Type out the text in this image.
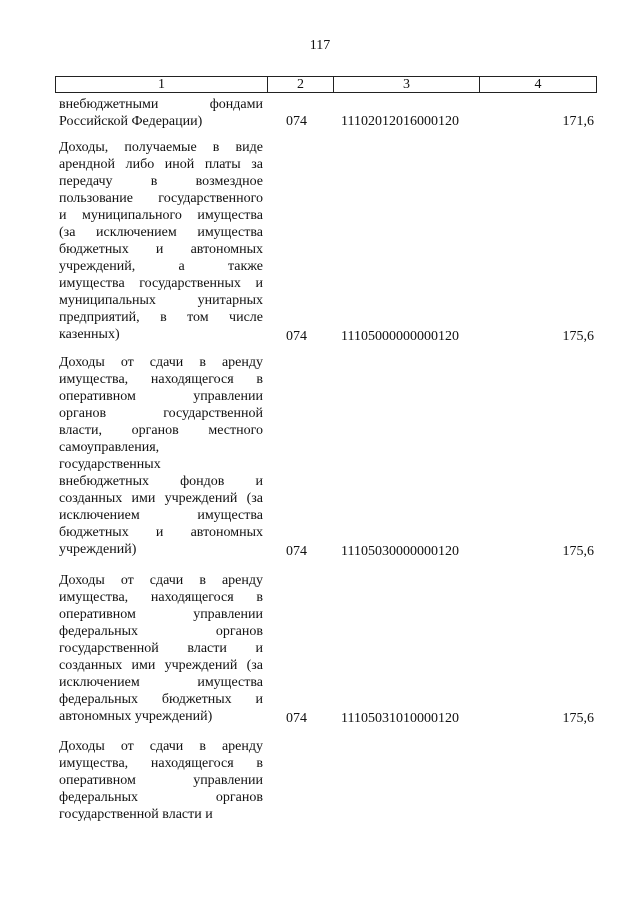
117
1	2	3	4
внебюджетными фондами
Российской Федерации)	074	11102012016000120	171,6
Доходы, получаемые в виде
арендной либо иной платы за
передачу в возмездное
пользование государственного
и муниципального имущества
(за исключением имущества
бюджетных и автономных
учреждений, а также
имущества государственных и
муниципальных унитарных
предприятий, в том числе
казенных)	074	11105000000000120	175,6
Доходы от сдачи в аренду
имущества, находящегося в
оперативном управлении
органов государственной
власти, органов местного
самоуправления,
государственных
внебюджетных фондов и
созданных ими учреждений (за
исключением имущества
бюджетных и автономных
учреждений)	074	11105030000000120	175,6
Доходы от сдачи в аренду
имущества, находящегося в
оперативном управлении
федеральных органов
государственной власти и
созданных ими учреждений (за
исключением имущества
федеральных бюджетных и
автономных учреждений)	074	11105031010000120	175,6
Доходы от сдачи в аренду
имущества, находящегося в
оперативном управлении
федеральных органов
государственной власти и
